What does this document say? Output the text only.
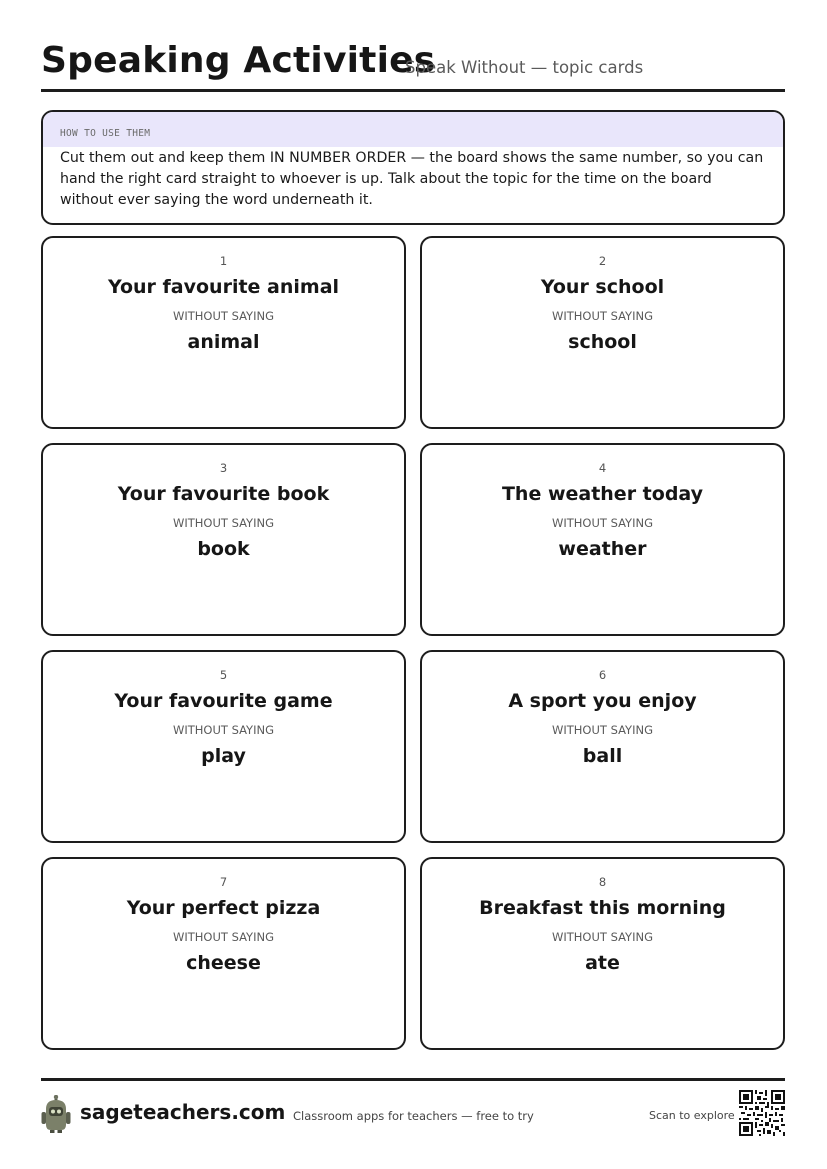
Speaking Activities
Speak Without — topic cards
HOW TO USE THEM
Cut them out and keep them IN NUMBER ORDER — the board shows the same number, so you can hand the right card straight to whoever is up. Talk about the topic for the time on the board without ever saying the word underneath it.
1
Your favourite animal
WITHOUT SAYING
animal
2
Your school
WITHOUT SAYING
school
3
Your favourite book
WITHOUT SAYING
book
4
The weather today
WITHOUT SAYING
weather
5
Your favourite game
WITHOUT SAYING
play
6
A sport you enjoy
WITHOUT SAYING
ball
7
Your perfect pizza
WITHOUT SAYING
cheese
8
Breakfast this morning
WITHOUT SAYING
ate
sageteachers.com Classroom apps for teachers — free to try	Scan to explore
